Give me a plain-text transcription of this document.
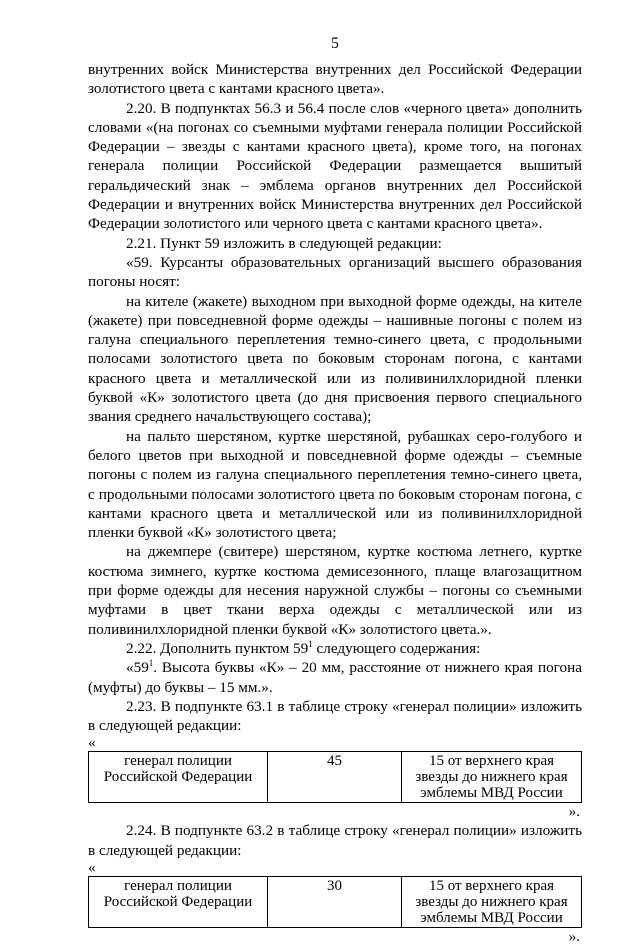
5

внутренних войск Министерства внутренних дел Российской Федерации золотистого цвета с кантами красного цвета».

2.20. В подпунктах 56.3 и 56.4 после слов «черного цвета» дополнить словами «(на погонах со съемными муфтами генерала полиции Российской Федерации – звезды с кантами красного цвета), кроме того, на погонах генерала полиции Российской Федерации размещается вышитый геральдический знак – эмблема органов внутренних дел Российской Федерации и внутренних войск Министерства внутренних дел Российской Федерации золотистого или черного цвета с кантами красного цвета».

2.21. Пункт 59 изложить в следующей редакции:

«59. Курсанты образовательных организаций высшего образования погоны носят:

на кителе (жакете) выходном при выходной форме одежды, на кителе (жакете) при повседневной форме одежды – нашивные погоны с полем из галуна специального переплетения темно-синего цвета, с продольными полосами золотистого цвета по боковым сторонам погона, с кантами красного цвета и металлической или из поливинилхлоридной пленки буквой «К» золотистого цвета (до дня присвоения первого специального звания среднего начальствующего состава);

на пальто шерстяном, куртке шерстяной, рубашках серо-голубого и белого цветов при выходной и повседневной форме одежды – съемные погоны с полем из галуна специального переплетения темно-синего цвета, с продольными полосами золотистого цвета по боковым сторонам погона, с кантами красного цвета и металлической или из поливинилхлоридной пленки буквой «К» золотистого цвета;

на джемпере (свитере) шерстяном, куртке костюма летнего, куртке костюма зимнего, куртке костюма демисезонного, плаще влагозащитном при форме одежды для несения наружной службы – погоны со съемными муфтами в цвет ткани верха одежды с металлической или из поливинилхлоридной пленки буквой «К» золотистого цвета.».

2.22. Дополнить пунктом $59^1$ следующего содержания:

«$59^1$. Высота буквы «К» – 20 мм, расстояние от нижнего края погона (муфты) до буквы – 15 мм.».

2.23. В подпункте 63.1 в таблице строку «генерал полиции» изложить в следующей редакции:

«
генерал полиции Российской Федерации	45	15 от верхнего края звезды до нижнего края эмблемы МВД России
».

2.24. В подпункте 63.2 в таблице строку «генерал полиции» изложить в следующей редакции:

«
генерал полиции Российской Федерации	30	15 от верхнего края звезды до нижнего края эмблемы МВД России
».
